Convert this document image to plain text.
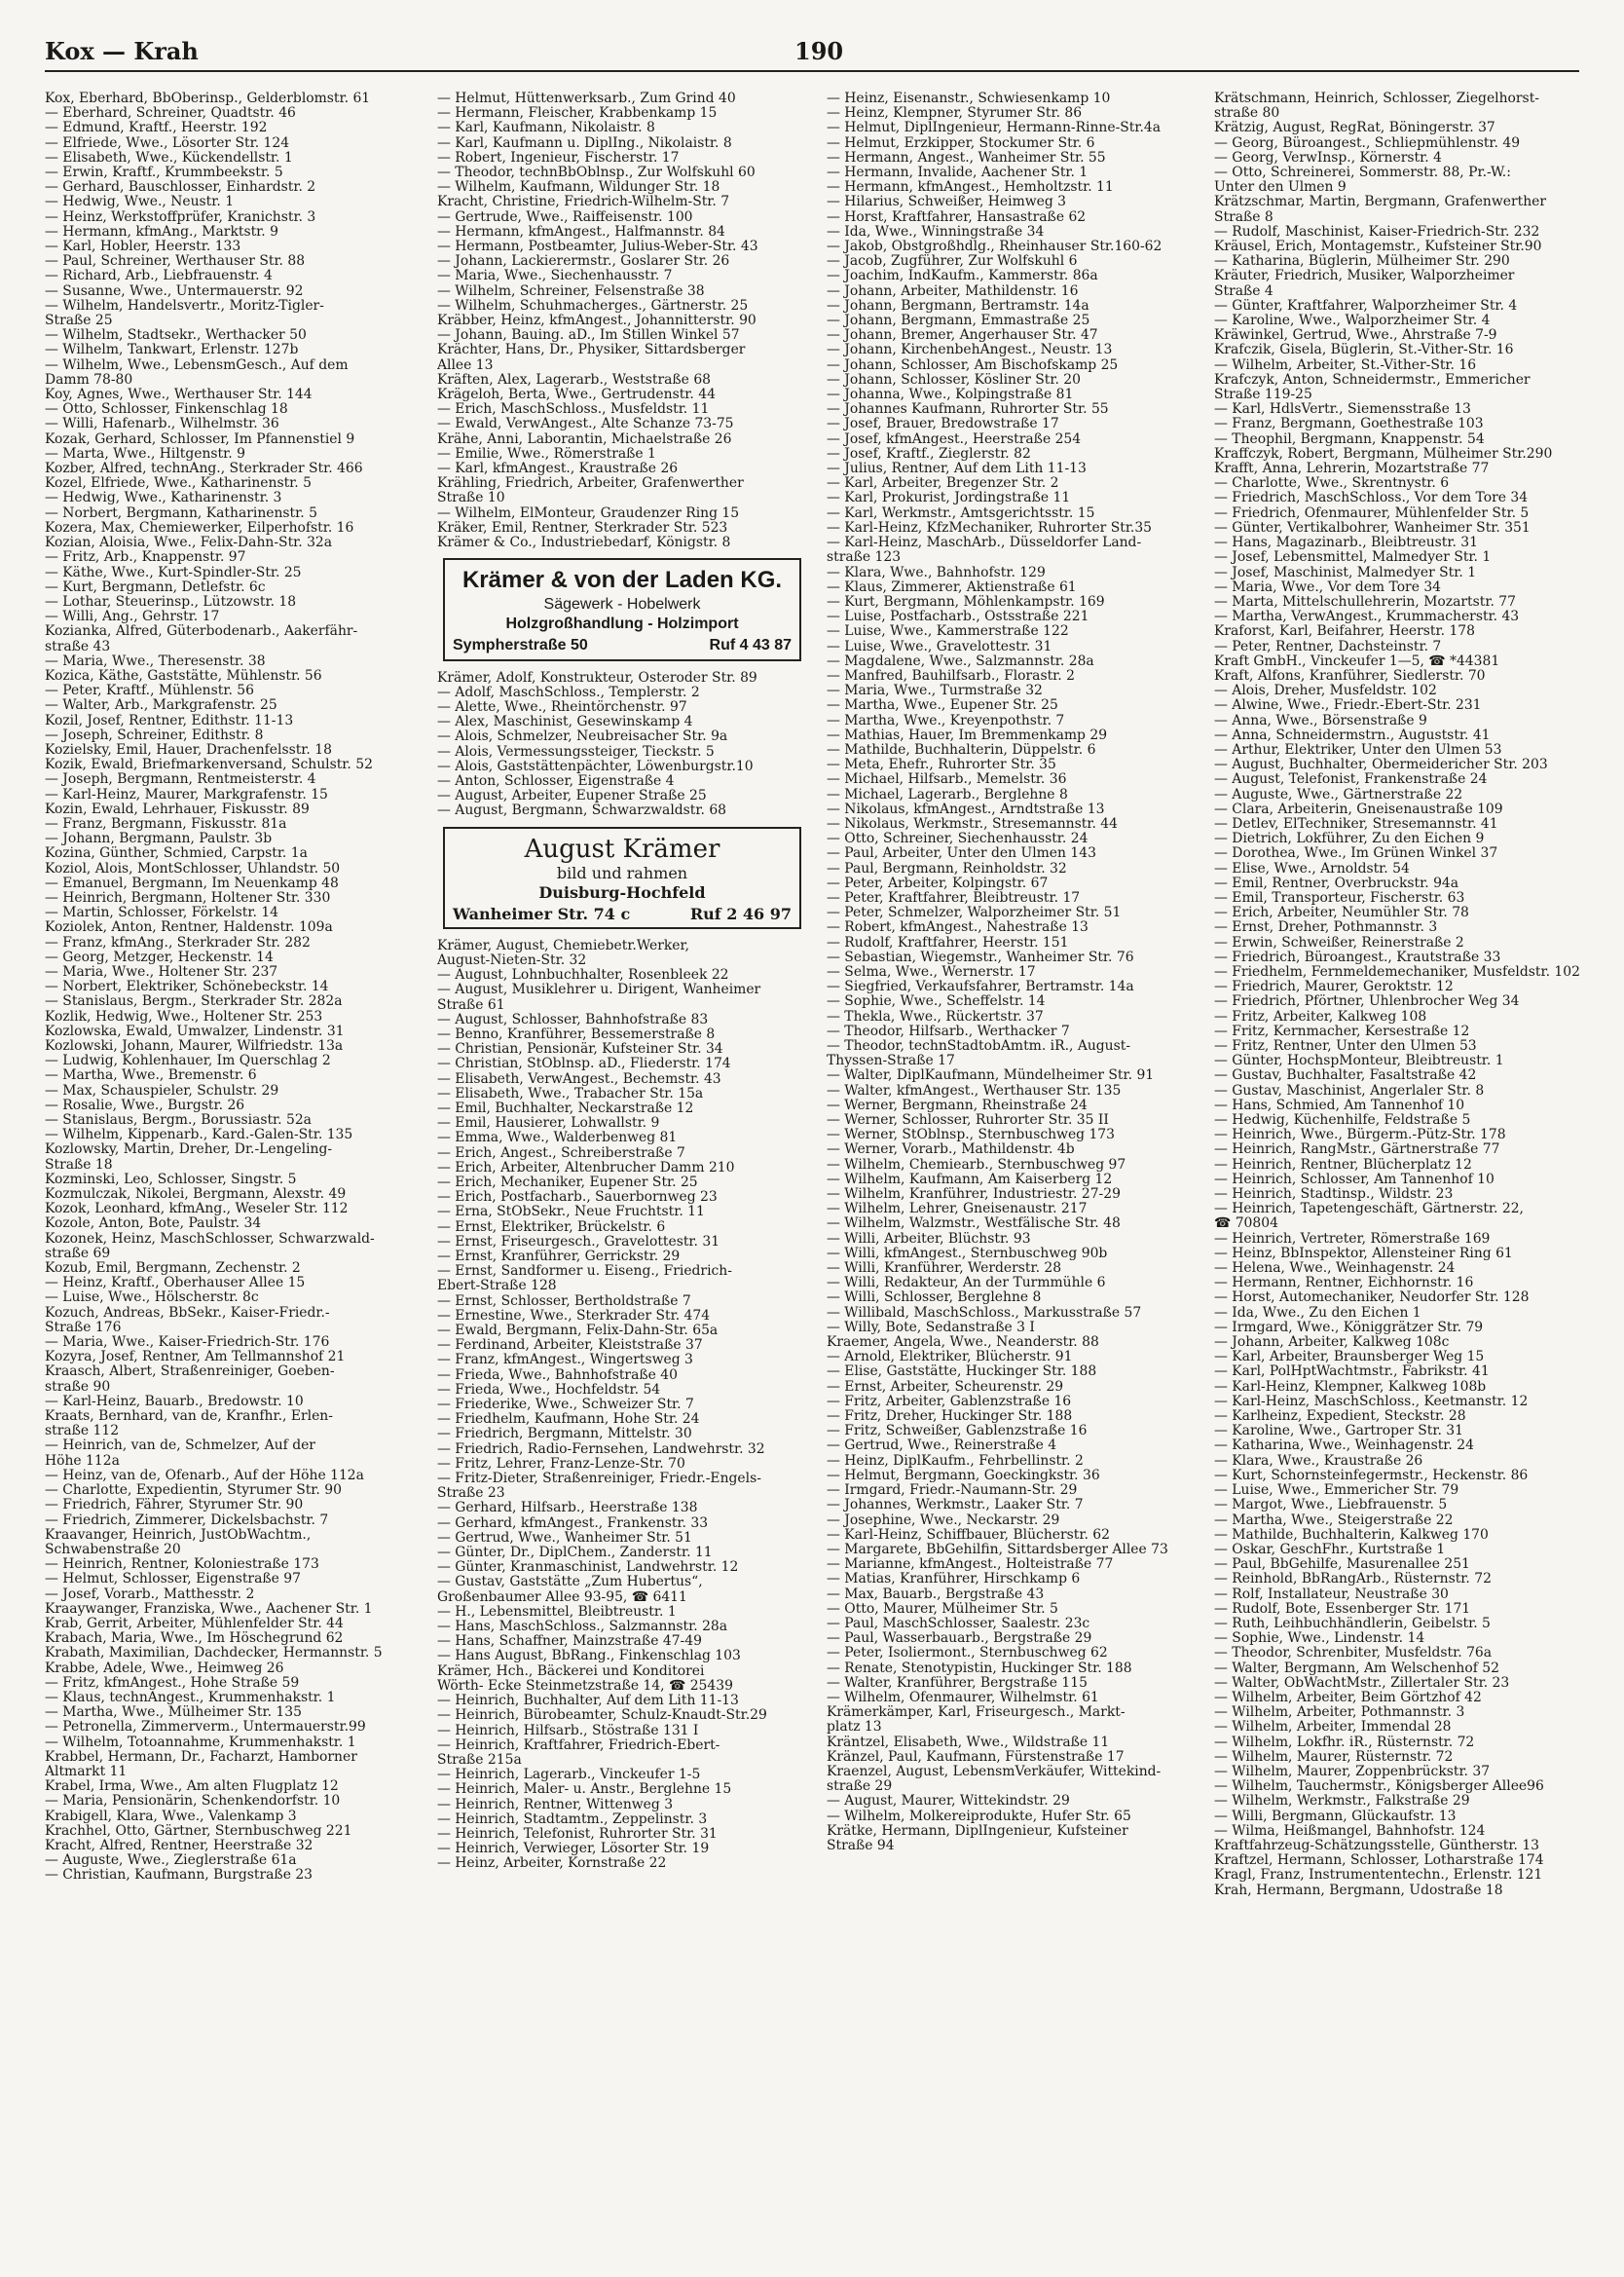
Kox — Krah	190
Kox, Eberhard, BbOberinsp., Gelderblomstr. 61
— Eberhard, Schreiner, Quadtstr. 46
— Edmund, Kraftf., Heerstr. 192
— Elfriede, Wwe., Lösorter Str. 124
— Elisabeth, Wwe., Kückendellstr. 1
— Erwin, Kraftf., Krummbeekstr. 5
— Gerhard, Bauschlosser, Einhardstr. 2
— Hedwig, Wwe., Neustr. 1
— Heinz, Werkstoffprüfer, Kranichstr. 3
— Hermann, kfmAng., Marktstr. 9
— Karl, Hobler, Heerstr. 133
— Paul, Schreiner, Werthauser Str. 88
— Richard, Arb., Liebfrauenstr. 4
— Susanne, Wwe., Untermauerstr. 92
— Wilhelm, Handelsvertr., Moritz-Tigler-
Straße 25
— Wilhelm, Stadtsekr., Werthacker 50
— Wilhelm, Tankwart, Erlenstr. 127b
— Wilhelm, Wwe., LebensmGesch., Auf dem
Damm 78-80
Koy, Agnes, Wwe., Werthauser Str. 144
— Otto, Schlosser, Finkenschlag 18
— Willi, Hafenarb., Wilhelmstr. 36
Kozak, Gerhard, Schlosser, Im Pfannenstiel 9
— Marta, Wwe., Hiltgenstr. 9
Kozber, Alfred, technAng., Sterkrader Str. 466
Kozel, Elfriede, Wwe., Katharinenstr. 5
— Hedwig, Wwe., Katharinenstr. 3
— Norbert, Bergmann, Katharinenstr. 5
Kozera, Max, Chemiewerker, Eilperhofstr. 16
Kozian, Aloisia, Wwe., Felix-Dahn-Str. 32a
— Fritz, Arb., Knappenstr. 97
— Käthe, Wwe., Kurt-Spindler-Str. 25
— Kurt, Bergmann, Detlefstr. 6c
— Lothar, Steuerinsp., Lützowstr. 18
— Willi, Ang., Gehrstr. 17
Kozianka, Alfred, Güterbodenarb., Aakerfähr-
straße 43
— Maria, Wwe., Theresenstr. 38
Kozica, Käthe, Gaststätte, Mühlenstr. 56
— Peter, Kraftf., Mühlenstr. 56
— Walter, Arb., Markgrafenstr. 25
Kozil, Josef, Rentner, Edithstr. 11-13
— Joseph, Schreiner, Edithstr. 8
Kozielsky, Emil, Hauer, Drachenfelsstr. 18
Kozik, Ewald, Briefmarkenversand, Schulstr. 52
— Joseph, Bergmann, Rentmeisterstr. 4
— Karl-Heinz, Maurer, Markgrafenstr. 15
Kozin, Ewald, Lehrhauer, Fiskusstr. 89
— Franz, Bergmann, Fiskusstr. 81a
— Johann, Bergmann, Paulstr. 3b
Kozina, Günther, Schmied, Carpstr. 1a
Koziol, Alois, MontSchlosser, Uhlandstr. 50
— Emanuel, Bergmann, Im Neuenkamp 48
— Heinrich, Bergmann, Holtener Str. 330
— Martin, Schlosser, Förkelstr. 14
Koziolek, Anton, Rentner, Haldenstr. 109a
— Franz, kfmAng., Sterkrader Str. 282
— Georg, Metzger, Heckenstr. 14
— Maria, Wwe., Holtener Str. 237
— Norbert, Elektriker, Schönebeckstr. 14
— Stanislaus, Bergm., Sterkrader Str. 282a
Kozlik, Hedwig, Wwe., Holtener Str. 253
Kozlowska, Ewald, Umwalzer, Lindenstr. 31
Kozlowski, Johann, Maurer, Wilfriedstr. 13a
— Ludwig, Kohlenhauer, Im Querschlag 2
— Martha, Wwe., Bremenstr. 6
— Max, Schauspieler, Schulstr. 29
— Rosalie, Wwe., Burgstr. 26
— Stanislaus, Bergm., Borussiastr. 52a
— Wilhelm, Kippenarb., Kard.-Galen-Str. 135
Kozlowsky, Martin, Dreher, Dr.-Lengeling-
Straße 18
Kozminski, Leo, Schlosser, Singstr. 5
Kozmulczak, Nikolei, Bergmann, Alexstr. 49
Kozok, Leonhard, kfmAng., Weseler Str. 112
Kozole, Anton, Bote, Paulstr. 34
Kozonek, Heinz, MaschSchlosser, Schwarzwald-
straße 69
Kozub, Emil, Bergmann, Zechenstr. 2
— Heinz, Kraftf., Oberhauser Allee 15
— Luise, Wwe., Hölscherstr. 8c
Kozuch, Andreas, BbSekr., Kaiser-Friedr.-
Straße 176
— Maria, Wwe., Kaiser-Friedrich-Str. 176
Kozyra, Josef, Rentner, Am Tellmannshof 21
Kraasch, Albert, Straßenreiniger, Goeben-
straße 90
— Karl-Heinz, Bauarb., Bredowstr. 10
Kraats, Bernhard, van de, Kranfhr., Erlen-
straße 112
— Heinrich, van de, Schmelzer, Auf der
Höhe 112a
— Heinz, van de, Ofenarb., Auf der Höhe 112a
— Charlotte, Expedientin, Styrumer Str. 90
— Friedrich, Fährer, Styrumer Str. 90
— Friedrich, Zimmerer, Dickelsbachstr. 7
Kraavanger, Heinrich, JustObWachtm.,
Schwabenstraße 20
— Heinrich, Rentner, Koloniestraße 173
— Helmut, Schlosser, Eigenstraße 97
— Josef, Vorarb., Matthesstr. 2
Kraaywanger, Franziska, Wwe., Aachener Str. 1
Krab, Gerrit, Arbeiter, Mühlenfelder Str. 44
Krabach, Maria, Wwe., Im Höschegrund 62
Krabath, Maximilian, Dachdecker, Hermannstr. 5
Krabbe, Adele, Wwe., Heimweg 26
— Fritz, kfmAngest., Hohe Straße 59
— Klaus, technAngest., Krummenhakstr. 1
— Martha, Wwe., Mülheimer Str. 135
— Petronella, Zimmerverm., Untermauerstr.99
— Wilhelm, Totoannahme, Krummenhakstr. 1
Krabbel, Hermann, Dr., Facharzt, Hamborner
Altmarkt 11
Krabel, Irma, Wwe., Am alten Flugplatz 12
— Maria, Pensionärin, Schenkendorfstr. 10
Krabigell, Klara, Wwe., Valenkamp 3
Krachhel, Otto, Gärtner, Sternbuschweg 221
Kracht, Alfred, Rentner, Heerstraße 32
— Auguste, Wwe., Zieglerstraße 61a
— Christian, Kaufmann, Burgstraße 23
— Helmut, Hüttenwerksarb., Zum Grind 40
— Hermann, Fleischer, Krabbenkamp 15
— Karl, Kaufmann, Nikolaistr. 8
— Karl, Kaufmann u. DiplIng., Nikolaistr. 8
— Robert, Ingenieur, Fischerstr. 17
— Theodor, technBbOblnsp., Zur Wolfskuhl 60
— Wilhelm, Kaufmann, Wildunger Str. 18
Kracht, Christine, Friedrich-Wilhelm-Str. 7
— Gertrude, Wwe., Raiffeisenstr. 100
— Hermann, kfmAngest., Halfmannstr. 84
— Hermann, Postbeamter, Julius-Weber-Str. 43
— Johann, Lackierermstr., Goslarer Str. 26
— Maria, Wwe., Siechenhausstr. 7
— Wilhelm, Schreiner, Felsenstraße 38
— Wilhelm, Schuhmacherges., Gärtnerstr. 25
Kräbber, Heinz, kfmAngest., Johannitterstr. 90
— Johann, Bauing. aD., Im Stillen Winkel 57
Krächter, Hans, Dr., Physiker, Sittardsberger
Allee 13
Kräften, Alex, Lagerarb., Weststraße 68
Krägeloh, Berta, Wwe., Gertrudenstr. 44
— Erich, MaschSchloss., Musfeldstr. 11
— Ewald, VerwAngest., Alte Schanze 73-75
Krähe, Anni, Laborantin, Michaelstraße 26
— Emilie, Wwe., Römerstraße 1
— Karl, kfmAngest., Kraustraße 26
Krähling, Friedrich, Arbeiter, Grafenwerther
Straße 10
— Wilhelm, ElMonteur, Graudenzer Ring 15
Kräker, Emil, Rentner, Sterkrader Str. 523
Krämer & Co., Industriebedarf, Königstr. 8
Krämer & von der Laden KG.
Sägewerk - Hobelwerk
Holzgroßhandlung - Holzimport
Sympherstraße 50	Ruf 4 43 87
Krämer, Adolf, Konstrukteur, Osteroder Str. 89
— Adolf, MaschSchloss., Templerstr. 2
— Alette, Wwe., Rheintörchenstr. 97
— Alex, Maschinist, Gesewinskamp 4
— Alois, Schmelzer, Neubreisacher Str. 9a
— Alois, Vermessungssteiger, Tieckstr. 5
— Alois, Gaststättenpächter, Löwenburgstr.10
— Anton, Schlosser, Eigenstraße 4
— August, Arbeiter, Eupener Straße 25
— August, Bergmann, Schwarzwaldstr. 68
August Krämer
bild und rahmen
Duisburg-Hochfeld
Wanheimer Str. 74 c	Ruf 2 46 97
Krämer, August, Chemiebetr.Werker,
August-Nieten-Str. 32
— August, Lohnbuchhalter, Rosenbleek 22
— August, Musiklehrer u. Dirigent, Wanheimer
Straße 61
— August, Schlosser, Bahnhofstraße 83
— Benno, Kranführer, Bessemerstraße 8
— Christian, Pensionär, Kufsteiner Str. 34
— Christian, StOblnsp. aD., Fliederstr. 174
— Elisabeth, VerwAngest., Bechemstr. 43
— Elisabeth, Wwe., Trabacher Str. 15a
— Emil, Buchhalter, Neckarstraße 12
— Emil, Hausierer, Lohwallstr. 9
— Emma, Wwe., Walderbenweg 81
— Erich, Angest., Schreiberstraße 7
— Erich, Arbeiter, Altenbrucher Damm 210
— Erich, Mechaniker, Eupener Str. 25
— Erich, Postfacharb., Sauerbornweg 23
— Erna, StObSekr., Neue Fruchtstr. 11
— Ernst, Elektriker, Brückelstr. 6
— Ernst, Friseurgesch., Gravelottestr. 31
— Ernst, Kranführer, Gerrickstr. 29
— Ernst, Sandformer u. Eiseng., Friedrich-
Ebert-Straße 128
— Ernst, Schlosser, Bertholdstraße 7
— Ernestine, Wwe., Sterkrader Str. 474
— Ewald, Bergmann, Felix-Dahn-Str. 65a
— Ferdinand, Arbeiter, Kleiststraße 37
— Franz, kfmAngest., Wingertsweg 3
— Frieda, Wwe., Bahnhofstraße 40
— Frieda, Wwe., Hochfeldstr. 54
— Friederike, Wwe., Schweizer Str. 7
— Friedhelm, Kaufmann, Hohe Str. 24
— Friedrich, Bergmann, Mittelstr. 30
— Friedrich, Radio-Fernsehen, Landwehrstr. 32
— Fritz, Lehrer, Franz-Lenze-Str. 70
— Fritz-Dieter, Straßenreiniger, Friedr.-Engels-
Straße 23
— Gerhard, Hilfsarb., Heerstraße 138
— Gerhard, kfmAngest., Frankenstr. 33
— Gertrud, Wwe., Wanheimer Str. 51
— Günter, Dr., DiplChem., Zanderstr. 11
— Günter, Kranmaschinist, Landwehrstr. 12
— Gustav, Gaststätte „Zum Hubertus“,
Großenbaumer Allee 93-95, ☎ 6411
— H., Lebensmittel, Bleibtreustr. 1
— Hans, MaschSchloss., Salzmannstr. 28a
— Hans, Schaffner, Mainzstraße 47-49
— Hans August, BbRang., Finkenschlag 103
Krämer, Hch., Bäckerei und Konditorei
Wörth- Ecke Steinmetzstraße 14, ☎ 25439
— Heinrich, Buchhalter, Auf dem Lith 11-13
— Heinrich, Bürobeamter, Schulz-Knaudt-Str.29
— Heinrich, Hilfsarb., Stöstraße 131 I
— Heinrich, Kraftfahrer, Friedrich-Ebert-
Straße 215a
— Heinrich, Lagerarb., Vinckeufer 1-5
— Heinrich, Maler- u. Anstr., Berglehne 15
— Heinrich, Rentner, Wittenweg 3
— Heinrich, Stadtamtm., Zeppelinstr. 3
— Heinrich, Telefonist, Ruhrorter Str. 31
— Heinrich, Verwieger, Lösorter Str. 19
— Heinz, Arbeiter, Kornstraße 22
— Heinz, Eisenanstr., Schwiesenkamp 10
— Heinz, Klempner, Styrumer Str. 86
— Helmut, DiplIngenieur, Hermann-Rinne-Str.4a
— Helmut, Erzkipper, Stockumer Str. 6
— Hermann, Angest., Wanheimer Str. 55
— Hermann, Invalide, Aachener Str. 1
— Hermann, kfmAngest., Hemholtzstr. 11
— Hilarius, Schweißer, Heimweg 3
— Horst, Kraftfahrer, Hansastraße 62
— Ida, Wwe., Winningstraße 34
— Jakob, Obstgroßhdlg., Rheinhauser Str.160-62
— Jacob, Zugführer, Zur Wolfskuhl 6
— Joachim, IndKaufm., Kammerstr. 86a
— Johann, Arbeiter, Mathildenstr. 16
— Johann, Bergmann, Bertramstr. 14a
— Johann, Bergmann, Emmastraße 25
— Johann, Bremer, Angerhauser Str. 47
— Johann, KirchenbehAngest., Neustr. 13
— Johann, Schlosser, Am Bischofskamp 25
— Johann, Schlosser, Kösliner Str. 20
— Johanna, Wwe., Kolpingstraße 81
— Johannes Kaufmann, Ruhrorter Str. 55
— Josef, Brauer, Bredowstraße 17
— Josef, kfmAngest., Heerstraße 254
— Josef, Kraftf., Zieglerstr. 82
— Julius, Rentner, Auf dem Lith 11-13
— Karl, Arbeiter, Bregenzer Str. 2
— Karl, Prokurist, Jordingstraße 11
— Karl, Werkmstr., Amtsgerichtsstr. 15
— Karl-Heinz, KfzMechaniker, Ruhrorter Str.35
— Karl-Heinz, MaschArb., Düsseldorfer Land-
straße 123
— Klara, Wwe., Bahnhofstr. 129
— Klaus, Zimmerer, Aktienstraße 61
— Kurt, Bergmann, Möhlenkampstr. 169
— Luise, Postfacharb., Ostsstraße 221
— Luise, Wwe., Kammerstraße 122
— Luise, Wwe., Gravelottestr. 31
— Magdalene, Wwe., Salzmannstr. 28a
— Manfred, Bauhilfsarb., Florastr. 2
— Maria, Wwe., Turmstraße 32
— Martha, Wwe., Eupener Str. 25
— Martha, Wwe., Kreyenpothstr. 7
— Mathias, Hauer, Im Bremmenkamp 29
— Mathilde, Buchhalterin, Düppelstr. 6
— Meta, Ehefr., Ruhrorter Str. 35
— Michael, Hilfsarb., Memelstr. 36
— Michael, Lagerarb., Berglehne 8
— Nikolaus, kfmAngest., Arndtstraße 13
— Nikolaus, Werkmstr., Stresemannstr. 44
— Otto, Schreiner, Siechenhausstr. 24
— Paul, Arbeiter, Unter den Ulmen 143
— Paul, Bergmann, Reinholdstr. 32
— Peter, Arbeiter, Kolpingstr. 67
— Peter, Kraftfahrer, Bleibtreustr. 17
— Peter, Schmelzer, Walporzheimer Str. 51
— Robert, kfmAngest., Nahestraße 13
— Rudolf, Kraftfahrer, Heerstr. 151
— Sebastian, Wiegemstr., Wanheimer Str. 76
— Selma, Wwe., Wernerstr. 17
— Siegfried, Verkaufsfahrer, Bertramstr. 14a
— Sophie, Wwe., Scheffelstr. 14
— Thekla, Wwe., Rückertstr. 37
— Theodor, Hilfsarb., Werthacker 7
— Theodor, technStadtobAmtm. iR., August-
Thyssen-Straße 17
— Walter, DiplKaufmann, Mündelheimer Str. 91
— Walter, kfmAngest., Werthauser Str. 135
— Werner, Bergmann, Rheinstraße 24
— Werner, Schlosser, Ruhrorter Str. 35 II
— Werner, StOblnsp., Sternbuschweg 173
— Werner, Vorarb., Mathildenstr. 4b
— Wilhelm, Chemiearb., Sternbuschweg 97
— Wilhelm, Kaufmann, Am Kaiserberg 12
— Wilhelm, Kranführer, Industriestr. 27-29
— Wilhelm, Lehrer, Gneisenaustr. 217
— Wilhelm, Walzmstr., Westfälische Str. 48
— Willi, Arbeiter, Blüchstr. 93
— Willi, kfmAngest., Sternbuschweg 90b
— Willi, Kranführer, Werderstr. 28
— Willi, Redakteur, An der Turmmühle 6
— Willi, Schlosser, Berglehne 8
— Willibald, MaschSchloss., Markusstraße 57
— Willy, Bote, Sedanstraße 3 I
Kraemer, Angela, Wwe., Neanderstr. 88
— Arnold, Elektriker, Blücherstr. 91
— Elise, Gaststätte, Huckinger Str. 188
— Ernst, Arbeiter, Scheurenstr. 29
— Fritz, Arbeiter, Gablenzstraße 16
— Fritz, Dreher, Huckinger Str. 188
— Fritz, Schweißer, Gablenzstraße 16
— Gertrud, Wwe., Reinerstraße 4
— Heinz, DiplKaufm., Fehrbellinstr. 2
— Helmut, Bergmann, Goeckingkstr. 36
— Irmgard, Friedr.-Naumann-Str. 29
— Johannes, Werkmstr., Laaker Str. 7
— Josephine, Wwe., Neckarstr. 29
— Karl-Heinz, Schiffbauer, Blücherstr. 62
— Margarete, BbGehilfin, Sittardsberger Allee 73
— Marianne, kfmAngest., Holteistraße 77
— Matias, Kranführer, Hirschkamp 6
— Max, Bauarb., Bergstraße 43
— Otto, Maurer, Mülheimer Str. 5
— Paul, MaschSchlosser, Saalestr. 23c
— Paul, Wasserbauarb., Bergstraße 29
— Peter, Isoliermont., Sternbuschweg 62
— Renate, Stenotypistin, Huckinger Str. 188
— Walter, Kranführer, Bergstraße 115
— Wilhelm, Ofenmaurer, Wilhelmstr. 61
Krämerkämper, Karl, Friseurgesch., Markt-
platz 13
Kräntzel, Elisabeth, Wwe., Wildstraße 11
Kränzel, Paul, Kaufmann, Fürstenstraße 17
Kraenzel, August, LebensmVerkäufer, Wittekind-
straße 29
— August, Maurer, Wittekindstr. 29
— Wilhelm, Molkereiprodukte, Hufer Str. 65
Krätke, Hermann, DiplIngenieur, Kufsteiner
Straße 94
Krätschmann, Heinrich, Schlosser, Ziegelhorst-
straße 80
Krätzig, August, RegRat, Böningerstr. 37
— Georg, Büroangest., Schliepmühlenstr. 49
— Georg, VerwInsp., Körnerstr. 4
— Otto, Schreinerei, Sommerstr. 88, Pr.-W.:
Unter den Ulmen 9
Krätzschmar, Martin, Bergmann, Grafenwerther
Straße 8
— Rudolf, Maschinist, Kaiser-Friedrich-Str. 232
Kräusel, Erich, Montagemstr., Kufsteiner Str.90
— Katharina, Büglerin, Mülheimer Str. 290
Kräuter, Friedrich, Musiker, Walporzheimer
Straße 4
— Günter, Kraftfahrer, Walporzheimer Str. 4
— Karoline, Wwe., Walporzheimer Str. 4
Kräwinkel, Gertrud, Wwe., Ahrstraße 7-9
Krafczik, Gisela, Büglerin, St.-Vither-Str. 16
— Wilhelm, Arbeiter, St.-Vither-Str. 16
Krafczyk, Anton, Schneidermstr., Emmericher
Straße 119-25
— Karl, HdlsVertr., Siemensstraße 13
— Franz, Bergmann, Goethestraße 103
— Theophil, Bergmann, Knappenstr. 54
Kraffczyk, Robert, Bergmann, Mülheimer Str.290
Krafft, Anna, Lehrerin, Mozartstraße 77
— Charlotte, Wwe., Skrentnystr. 6
— Friedrich, MaschSchloss., Vor dem Tore 34
— Friedrich, Ofenmaurer, Mühlenfelder Str. 5
— Günter, Vertikalbohrer, Wanheimer Str. 351
— Hans, Magazinarb., Bleibtreustr. 31
— Josef, Lebensmittel, Malmedyer Str. 1
— Josef, Maschinist, Malmedyer Str. 1
— Maria, Wwe., Vor dem Tore 34
— Marta, Mittelschullehrerin, Mozartstr. 77
— Martha, VerwAngest., Krummacherstr. 43
Kraforst, Karl, Beifahrer, Heerstr. 178
— Peter, Rentner, Dachsteinstr. 7
Kraft GmbH., Vinckeufer 1—5, ☎ *44381
Kraft, Alfons, Kranführer, Siedlerstr. 70
— Alois, Dreher, Musfeldstr. 102
— Alwine, Wwe., Friedr.-Ebert-Str. 231
— Anna, Wwe., Börsenstraße 9
— Anna, Schneidermstrn., Auguststr. 41
— Arthur, Elektriker, Unter den Ulmen 53
— August, Buchhalter, Obermeidericher Str. 203
— August, Telefonist, Frankenstraße 24
— Auguste, Wwe., Gärtnerstraße 22
— Clara, Arbeiterin, Gneisenaustraße 109
— Detlev, ElTechniker, Stresemannstr. 41
— Dietrich, Lokführer, Zu den Eichen 9
— Dorothea, Wwe., Im Grünen Winkel 37
— Elise, Wwe., Arnoldstr. 54
— Emil, Rentner, Overbruckstr. 94a
— Emil, Transporteur, Fischerstr. 63
— Erich, Arbeiter, Neumühler Str. 78
— Ernst, Dreher, Pothmannstr. 3
— Erwin, Schweißer, Reinerstraße 2
— Friedrich, Büroangest., Krautstraße 33
— Friedhelm, Fernmeldemechaniker, Musfeldstr. 102
— Friedrich, Maurer, Geroktstr. 12
— Friedrich, Pförtner, Uhlenbrocher Weg 34
— Fritz, Arbeiter, Kalkweg 108
— Fritz, Kernmacher, Kersestraße 12
— Fritz, Rentner, Unter den Ulmen 53
— Günter, HochspMonteur, Bleibtreustr. 1
— Gustav, Buchhalter, Fasaltstraße 42
— Gustav, Maschinist, Angerlaler Str. 8
— Hans, Schmied, Am Tannenhof 10
— Hedwig, Küchenhilfe, Feldstraße 5
— Heinrich, Wwe., Bürgerm.-Pütz-Str. 178
— Heinrich, RangMstr., Gärtnerstraße 77
— Heinrich, Rentner, Blücherplatz 12
— Heinrich, Schlosser, Am Tannenhof 10
— Heinrich, Stadtinsp., Wildstr. 23
— Heinrich, Tapetengeschäft, Gärtnerstr. 22,
☎ 70804
— Heinrich, Vertreter, Römerstraße 169
— Heinz, BbInspektor, Allensteiner Ring 61
— Helena, Wwe., Weinhagenstr. 24
— Hermann, Rentner, Eichhornstr. 16
— Horst, Automechaniker, Neudorfer Str. 128
— Ida, Wwe., Zu den Eichen 1
— Irmgard, Wwe., Königgrätzer Str. 79
— Johann, Arbeiter, Kalkweg 108c
— Karl, Arbeiter, Braunsberger Weg 15
— Karl, PolHptWachtmstr., Fabrikstr. 41
— Karl-Heinz, Klempner, Kalkweg 108b
— Karl-Heinz, MaschSchloss., Keetmanstr. 12
— Karlheinz, Expedient, Steckstr. 28
— Karoline, Wwe., Gartroper Str. 31
— Katharina, Wwe., Weinhagenstr. 24
— Klara, Wwe., Kraustraße 26
— Kurt, Schornsteinfegermstr., Heckenstr. 86
— Luise, Wwe., Emmericher Str. 79
— Margot, Wwe., Liebfrauenstr. 5
— Martha, Wwe., Steigerstraße 22
— Mathilde, Buchhalterin, Kalkweg 170
— Oskar, GeschFhr., Kurtstraße 1
— Paul, BbGehilfe, Masurenallee 251
— Reinhold, BbRangArb., Rüsternstr. 72
— Rolf, Installateur, Neustraße 30
— Rudolf, Bote, Essenberger Str. 171
— Ruth, Leihbuchhändlerin, Geibelstr. 5
— Sophie, Wwe., Lindenstr. 14
— Theodor, Schrenbiter, Musfeldstr. 76a
— Walter, Bergmann, Am Welschenhof 52
— Walter, ObWachtMstr., Zillertaler Str. 23
— Wilhelm, Arbeiter, Beim Görtzhof 42
— Wilhelm, Arbeiter, Pothmannstr. 3
— Wilhelm, Arbeiter, Immendal 28
— Wilhelm, Lokfhr. iR., Rüsternstr. 72
— Wilhelm, Maurer, Rüsternstr. 72
— Wilhelm, Maurer, Zoppenbrückstr. 37
— Wilhelm, Tauchermstr., Königsberger Allee96
— Wilhelm, Werkmstr., Falkstraße 29
— Willi, Bergmann, Glückaufstr. 13
— Wilma, Heißmangel, Bahnhofstr. 124
Kraftfahrzeug-Schätzungsstelle, Güntherstr. 13
Kraftzel, Hermann, Schlosser, Lotharstraße 174
Kragl, Franz, Instrumententechn., Erlenstr. 121
Krah, Hermann, Bergmann, Udostraße 18
